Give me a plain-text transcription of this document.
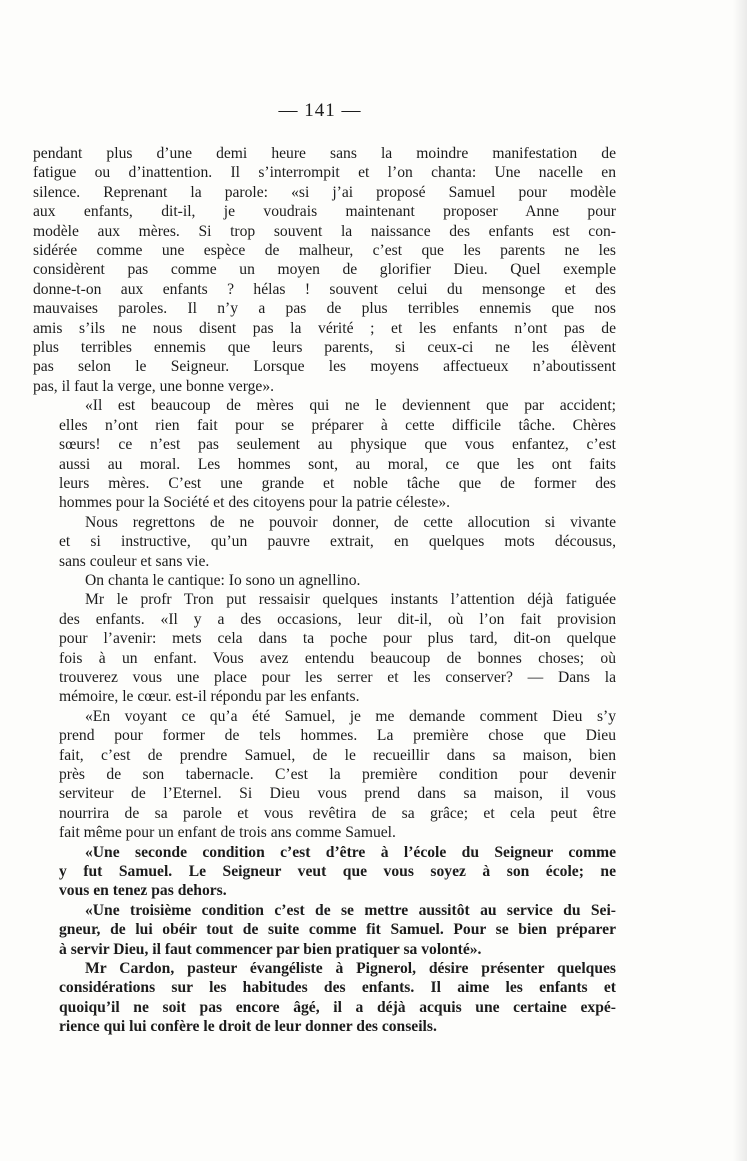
— 141 —
pendant plus d’une demi heure sans la moindre manifestation de
fatigue ou d’inattention. Il s’interrompit et l’on chanta: Une nacelle en
silence. Reprenant la parole: «si j’ai proposé Samuel pour modèle
aux enfants, dit-il, je voudrais maintenant proposer Anne pour
modèle aux mères. Si trop souvent la naissance des enfants est con-
sidérée comme une espèce de malheur, c’est que les parents ne les
considèrent pas comme un moyen de glorifier Dieu. Quel exemple
donne-t-on aux enfants ? hélas ! souvent celui du mensonge et des
mauvaises paroles. Il n’y a pas de plus terribles ennemis que nos
amis s’ils ne nous disent pas la vérité ; et les enfants n’ont pas de
plus terribles ennemis que leurs parents, si ceux-ci ne les élèvent
pas selon le Seigneur. Lorsque les moyens affectueux n’aboutissent
pas, il faut la verge, une bonne verge».
«Il est beaucoup de mères qui ne le deviennent que par accident;
elles n’ont rien fait pour se préparer à cette difficile tâche. Chères
sœurs! ce n’est pas seulement au physique que vous enfantez, c’est
aussi au moral. Les hommes sont, au moral, ce que les ont faits
leurs mères. C’est une grande et noble tâche que de former des
hommes pour la Société et des citoyens pour la patrie céleste».
Nous regrettons de ne pouvoir donner, de cette allocution si vivante
et si instructive, qu’un pauvre extrait, en quelques mots décousus,
sans couleur et sans vie.
On chanta le cantique: Io sono un agnellino.
Mr le profr Tron put ressaisir quelques instants l’attention déjà fatiguée
des enfants. «Il y a des occasions, leur dit-il, où l’on fait provision
pour l’avenir: mets cela dans ta poche pour plus tard, dit-on quelque
fois à un enfant. Vous avez entendu beaucoup de bonnes choses; où
trouverez vous une place pour les serrer et les conserver? — Dans la
mémoire, le cœur. est-il répondu par les enfants.
«En voyant ce qu’a été Samuel, je me demande comment Dieu s’y
prend pour former de tels hommes. La première chose que Dieu
fait, c’est de prendre Samuel, de le recueillir dans sa maison, bien
près de son tabernacle. C’est la première condition pour devenir
serviteur de l’Eternel. Si Dieu vous prend dans sa maison, il vous
nourrira de sa parole et vous revêtira de sa grâce; et cela peut être
fait même pour un enfant de trois ans comme Samuel.
«Une seconde condition c’est d’être à l’école du Seigneur comme
y fut Samuel. Le Seigneur veut que vous soyez à son école; ne
vous en tenez pas dehors.
«Une troisième condition c’est de se mettre aussitôt au service du Sei-
gneur, de lui obéir tout de suite comme fit Samuel. Pour se bien préparer
à servir Dieu, il faut commencer par bien pratiquer sa volonté».
Mr Cardon, pasteur évangéliste à Pignerol, désire présenter quelques
considérations sur les habitudes des enfants. Il aime les enfants et
quoiqu’il ne soit pas encore âgé, il a déjà acquis une certaine expé-
rience qui lui confère le droit de leur donner des conseils.
